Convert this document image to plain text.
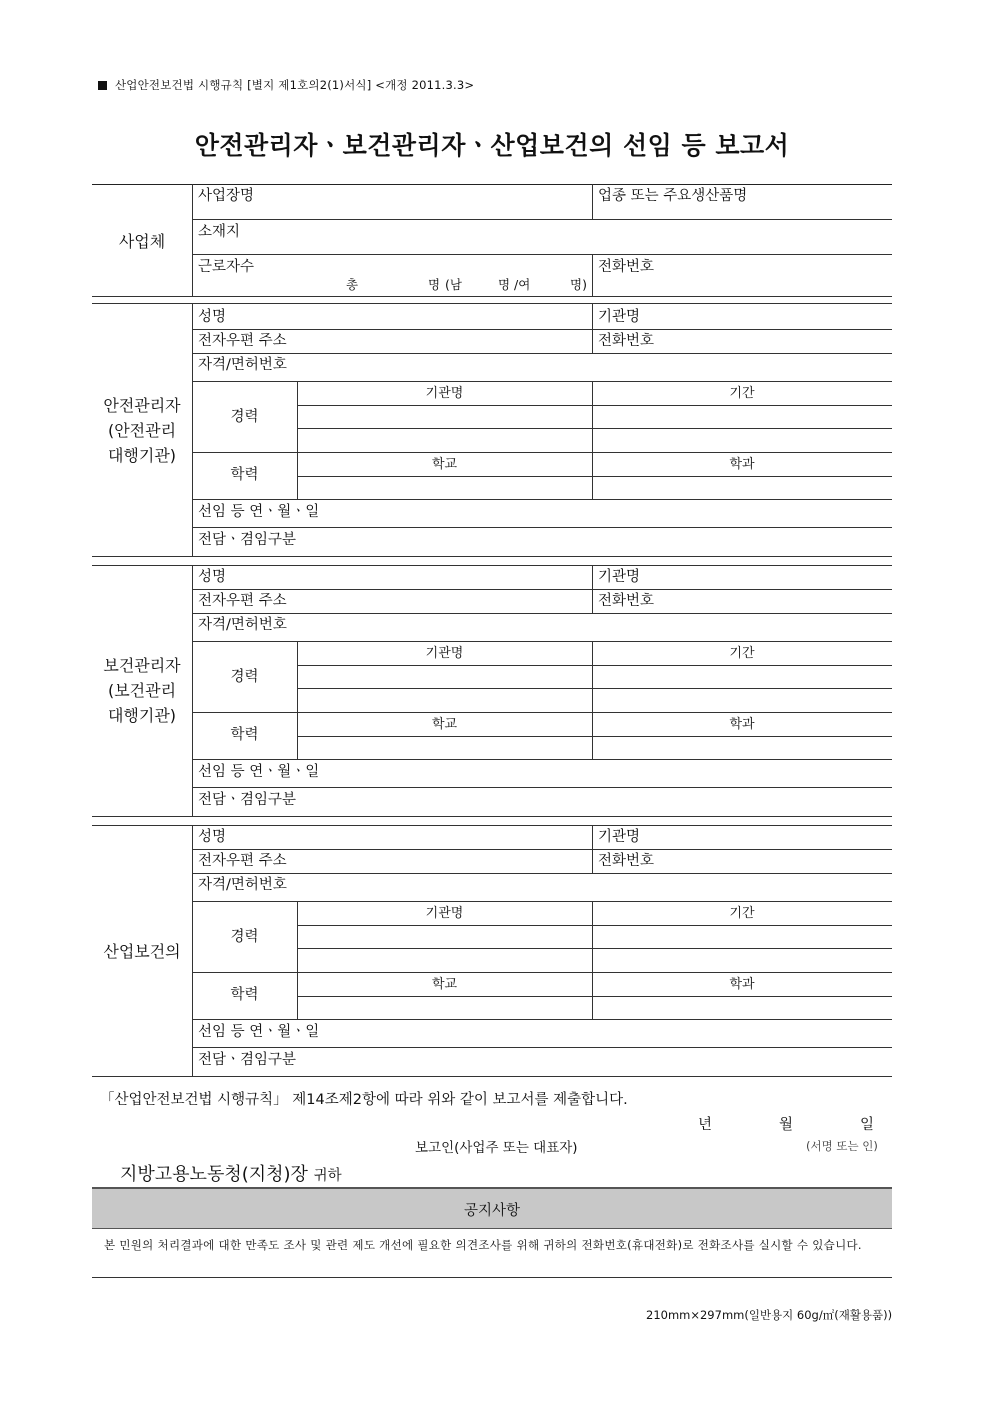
산업안전보건법 시행규칙 [별지 제1호의2(1)서식] <개정 2011.3.3>
안전관리자ㆍ보건관리자ㆍ산업보건의 선임 등 보고서
사업체
사업장명	업종 또는 주요생산품명
소재지
근로자수	전화번호
총	명 (남	명 /여	명)
안전관리자
(안전관리
대행기관)
성명	기관명
전자우편 주소	전화번호
자격/면허번호
경력
기관명	기간
학력
학교	학과
선임 등 연ㆍ월ㆍ일
전담ㆍ겸임구분
보건관리자
(보건관리
대행기관)
성명	기관명
전자우편 주소	전화번호
자격/면허번호
경력
기관명	기간
학력
학교	학과
선임 등 연ㆍ월ㆍ일
전담ㆍ겸임구분
산업보건의
성명	기관명
전자우편 주소	전화번호
자격/면허번호
경력
기관명	기간
학력
학교	학과
선임 등 연ㆍ월ㆍ일
전담ㆍ겸임구분
「산업안전보건법 시행규칙」 제14조제2항에 따라 위와 같이 보고서를 제출합니다.
년	월	일
보고인(사업주 또는 대표자)	(서명 또는 인)
지방고용노동청(지청)장 귀하
공지사항
본 민원의 처리결과에 대한 만족도 조사 및 관련 제도 개선에 필요한 의견조사를 위해 귀하의 전화번호(휴대전화)로 전화조사를 실시할 수 있습니다.
210mm×297mm(일반용지 60g/㎡(재활용품))
